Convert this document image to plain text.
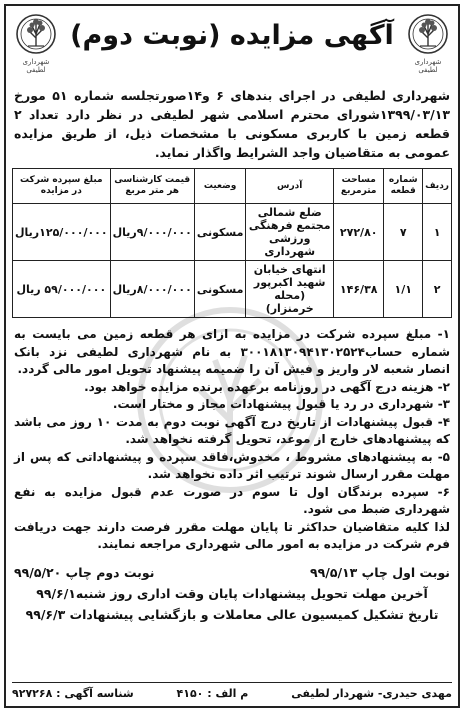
شهرداری لطیفی
آگهی مزایده (نوبت دوم)
شهرداری لطیفی
شهرداری لطیفی در اجرای بندهای ۶ و۱۴صورتجلسه شماره ۵۱ مورخ ۱۳۹۹/۰۳/۱۳شورای محترم اسلامی شهر لطیفی در نظر دارد تعداد ۲ قطعه زمین با کاربری مسکونی با مشخصات ذیل، از طریق مزایده عمومی به متقاضیان واجد الشرایط واگذار نماید.
ردیف	شماره قطعه	مساحت مترمربع	آدرس	وضعیت	قیمت کارشناسی هر متر مربع	مبلغ سپرده شرکت در مزایده
۱	۷	۲۷۲/۸۰	ضلع شمالی مجتمع فرهنگی ورزشی شهرداری	مسکونی	۹/۰۰۰/۰۰۰ریال	۱۲۵/۰۰۰/۰۰۰ریال
۲	۱/۱	۱۴۶/۳۸	انتهای خیابان شهید اکبرپور (محله خرمنزار)	مسکونی	۸/۰۰۰/۰۰۰ریال	۵۹/۰۰۰/۰۰۰ ریال

۱- مبلغ سپرده شرکت در مزایده به ازای هر قطعه زمین می بایست به شماره حساب۳۰۰۱۸۱۳۰۹۴۱۳۰۲۵۲۴ به نام شهرداری لطیفی نزد بانک انصار شعبه لار واریز و فیش آن را ضمیمه پیشنهاد تحویل امور مالی گردد.

۲- هزینه درج آگهی در روزنامه برعهده برنده مزایده خواهد بود.

۳- شهرداری در رد یا قبول پیشنهادات مجاز و مختار است.

۴- قبول پیشنهادات از تاریخ درج آگهی نوبت دوم به مدت ۱۰ روز می باشد که پیشنهادهای خارج از موعد، تحویل گرفته نخواهد شد.

۵- به پیشنهادهای مشروط ، مخدوش،فاقد سپرده و پیشنهاداتی که پس از مهلت مقرر ارسال شوند ترتیب اثر داده نخواهد شد.

۶- سپرده برندگان اول تا سوم در صورت عدم قبول مزایده به نفع شهرداری ضبط می شود.

لذا کلیه متقاضیان حداکثر تا پایان مهلت مقرر فرصت دارند جهت دریافت فرم شرکت در مزایده به امور مالی شهرداری مراجعه نمایند.

نوبت اول چاپ ۹۹/۵/۱۳
نوبت دوم چاپ ۹۹/۵/۲۰
آخرین مهلت تحویل پیشنهادات پایان وقت اداری روز شنبه۹۹/۶/۱
تاریخ تشکیل کمیسیون عالی معاملات و بازگشایی پیشنهادات ۹۹/۶/۳
مهدی حیدری- شهردار لطیفی
م الف : ۴۱۵۰
شناسه آگهی : ۹۲۷۲۶۸
